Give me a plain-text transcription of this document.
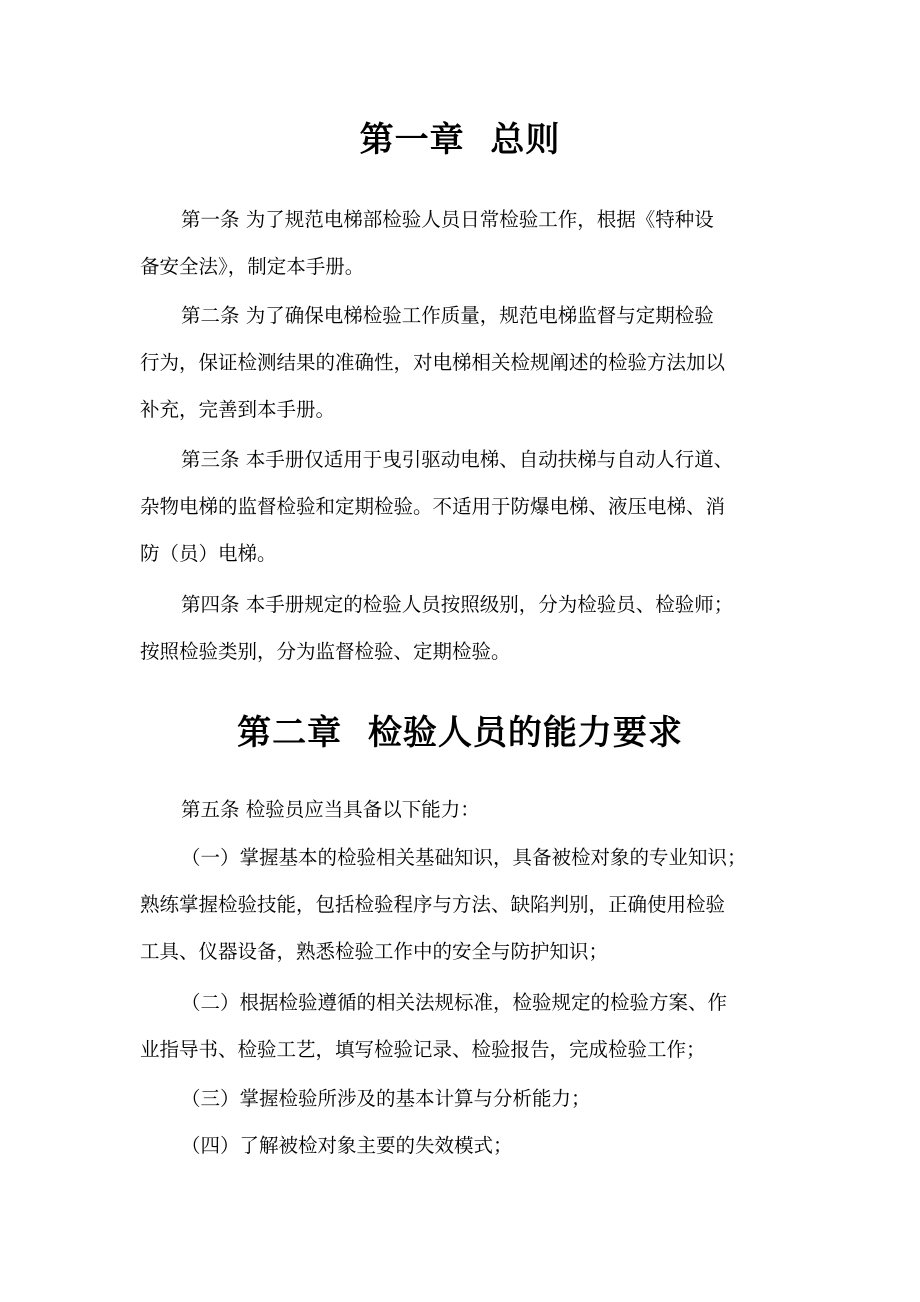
第一章  总则
第一条 为了规范电梯部检验人员日常检验工作，根据《特种设
备安全法》，制定本手册。
第二条 为了确保电梯检验工作质量，规范电梯监督与定期检验
行为，保证检测结果的准确性，对电梯相关检规阐述的检验方法加以
补充，完善到本手册。
第三条 本手册仅适用于曳引驱动电梯、自动扶梯与自动人行道、
杂物电梯的监督检验和定期检验。不适用于防爆电梯、液压电梯、消
防（员）电梯。
第四条 本手册规定的检验人员按照级别，分为检验员、检验师；
按照检验类别，分为监督检验、定期检验。
第二章  检验人员的能力要求
第五条 检验员应当具备以下能力：
（一）掌握基本的检验相关基础知识，具备被检对象的专业知识；
熟练掌握检验技能，包括检验程序与方法、缺陷判别，正确使用检验
工具、仪器设备，熟悉检验工作中的安全与防护知识；
（二）根据检验遵循的相关法规标准，检验规定的检验方案、作
业指导书、检验工艺，填写检验记录、检验报告，完成检验工作；
（三）掌握检验所涉及的基本计算与分析能力；
（四）了解被检对象主要的失效模式；
